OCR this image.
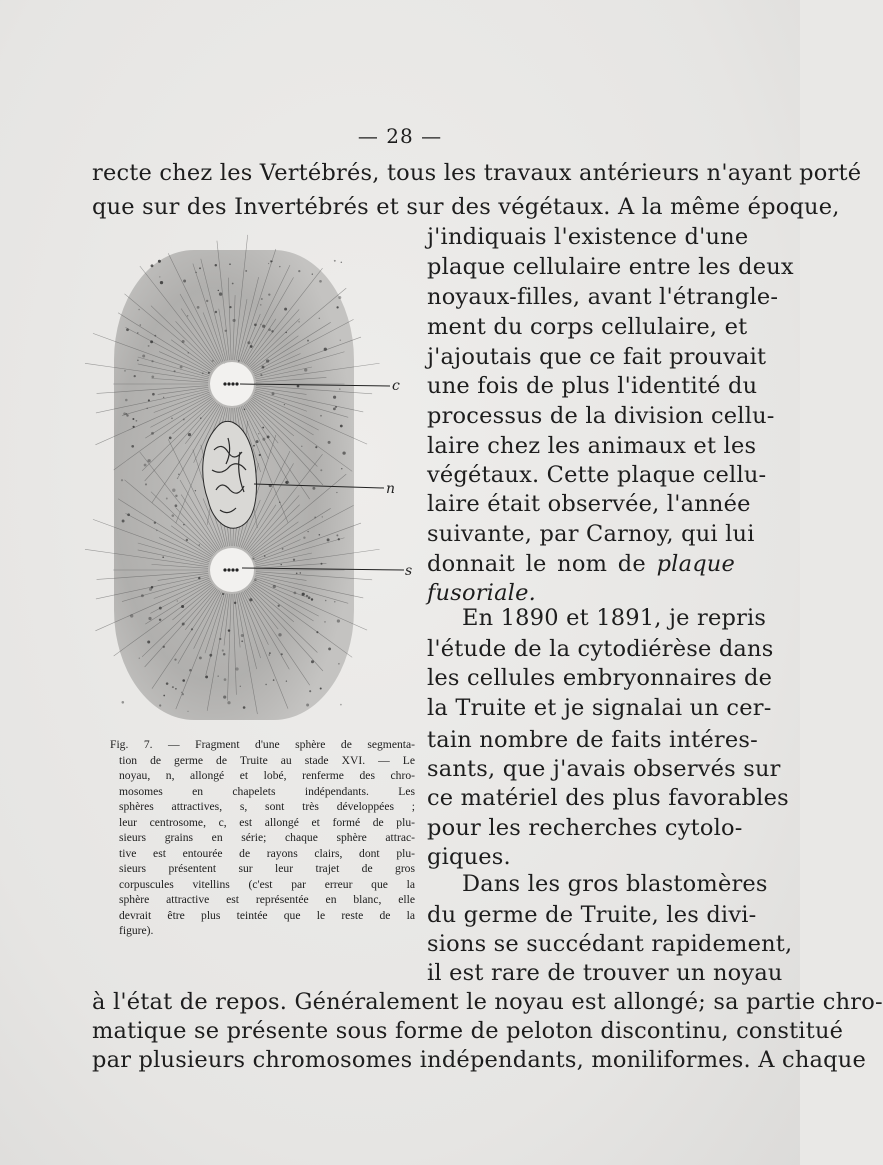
— 28 —
recte chez les Vertébrés, tous les travaux antérieurs n'ayant porté
que sur des Invertébrés et sur des végétaux. A la même époque,
j'indiquais l'existence d'une
plaque cellulaire entre les deux
noyaux-filles, avant l'étrangle-
ment du corps cellulaire, et
j'ajoutais que ce fait prouvait
une fois de plus l'identité du
processus de la division cellu-
laire chez les animaux et les
végétaux. Cette plaque cellu-
laire était observée, l'année
suivante, par Carnoy, qui lui
donnait le nom de plaque
fusoriale.
En 1890 et 1891, je repris
l'étude de la cytodiérèse dans
les cellules embryonnaires de
la Truite et je signalai un cer-
tain nombre de faits intéres-
sants, que j'avais observés sur
ce matériel des plus favorables
pour les recherches cytolo-
giques.
Dans les gros blastomères
du germe de Truite, les divi-
sions se succédant rapidement,
il est rare de trouver un noyau
à l'état de repos. Généralement le noyau est allongé; sa partie chro-
matique se présente sous forme de peloton discontinu, constitué
par plusieurs chromosomes indépendants, moniliformes. A chaque
c
n
s
Fig. 7. — Fragment d'une sphère de segmenta-
tion de germe de Truite au stade XVI. — Le
noyau, n, allongé et lobé, renferme des chro-
mosomes en chapelets indépendants. Les
sphères attractives, s, sont très développées ;
leur centrosome, c, est allongé et formé de plu-
sieurs grains en série; chaque sphère attrac-
tive est entourée de rayons clairs, dont plu-
sieurs présentent sur leur trajet de gros
corpuscules vitellins (c'est par erreur que la
sphère attractive est représentée en blanc, elle
devrait être plus teintée que le reste de la
figure).
